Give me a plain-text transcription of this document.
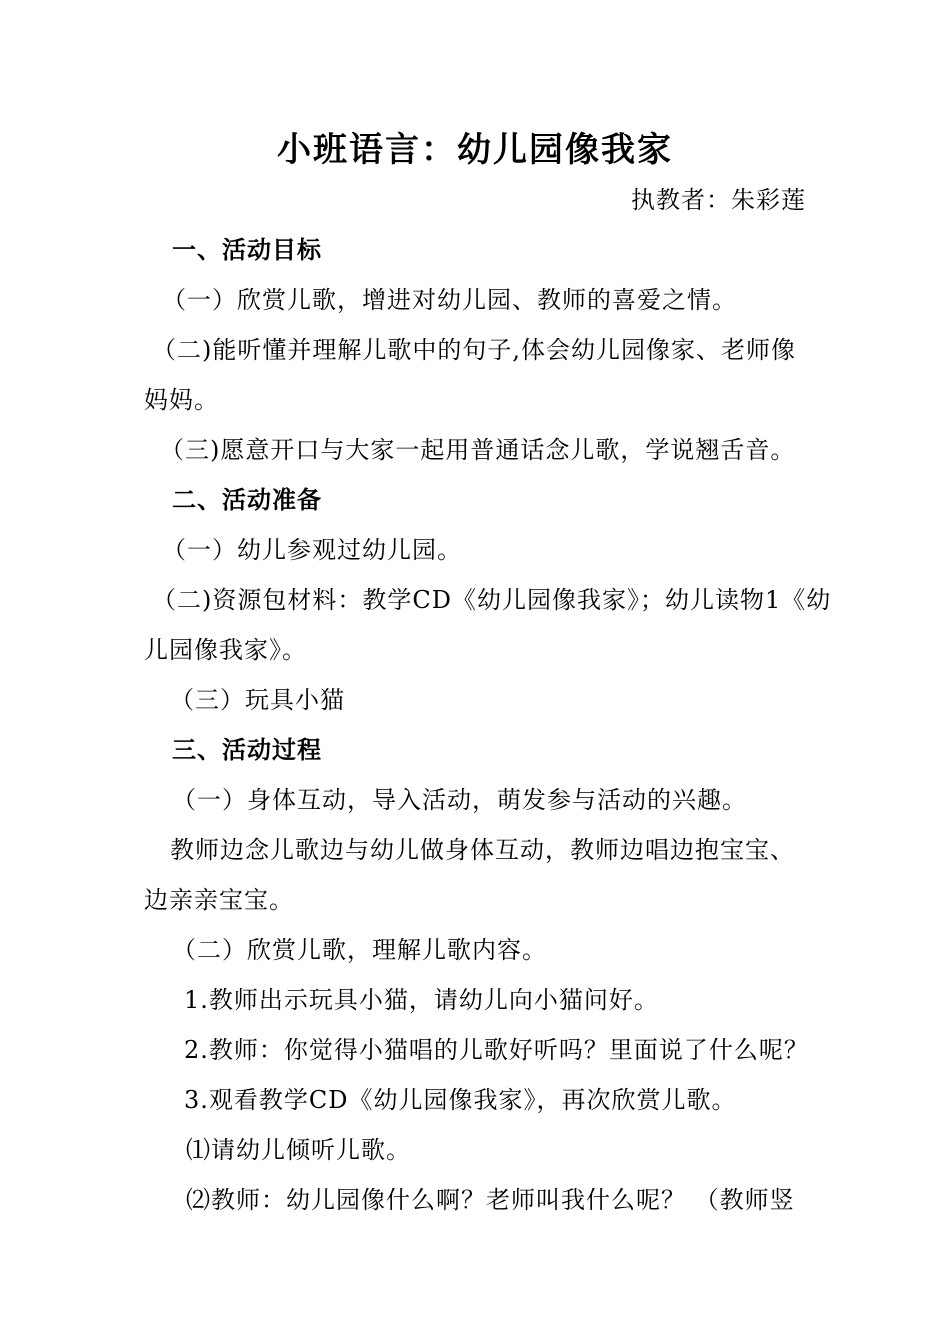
小班语言：幼儿园像我家
执教者：朱彩莲
一、活动目标
（一）欣赏儿歌，增进对幼儿园、教师的喜爱之情。
（二)能听懂并理解儿歌中的句子,体会幼儿园像家、老师像
妈妈。
（三)愿意开口与大家一起用普通话念儿歌，学说翘舌音。
二、活动准备
（一）幼儿参观过幼儿园。
（二)资源包材料：教学CD《幼儿园像我家》；幼儿读物1《幼
儿园像我家》。
（三）玩具小猫
三、活动过程
（一）身体互动，导入活动，萌发参与活动的兴趣。
教师边念儿歌边与幼儿做身体互动，教师边唱边抱宝宝、
边亲亲宝宝。
（二）欣赏儿歌，理解儿歌内容。
1.教师出示玩具小猫，请幼儿向小猫问好。
2.教师：你觉得小猫唱的儿歌好听吗？里面说了什么呢？
3.观看教学CD《幼儿园像我家》，再次欣赏儿歌。
⑴请幼儿倾听儿歌。
⑵教师：幼儿园像什么啊？老师叫我什么呢？ （教师竖
